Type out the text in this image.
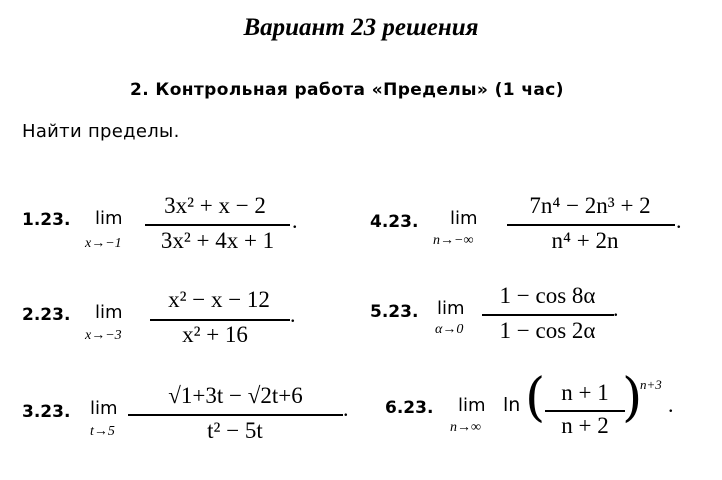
Вариант 23 решения
2. Контрольная работа «Пределы» (1 час)
Найти пределы.
1.23. lim
x→−1
3x² + x − 2
3x² + 4x + 1
.
2.23. lim
x→−3
x² − x − 12
x² + 16
.
3.23. lim
t→5
√1+3t − √2t+6
t² − 5t
.
4.23. lim
n→−∞
7n⁴ − 2n³ + 2
n⁴ + 2n
.
5.23. lim
α→0
1 − cos 8α
1 − cos 2α
.
6.23. lim
n→∞
ln ( n + 1
n + 2 )
n+3
.
